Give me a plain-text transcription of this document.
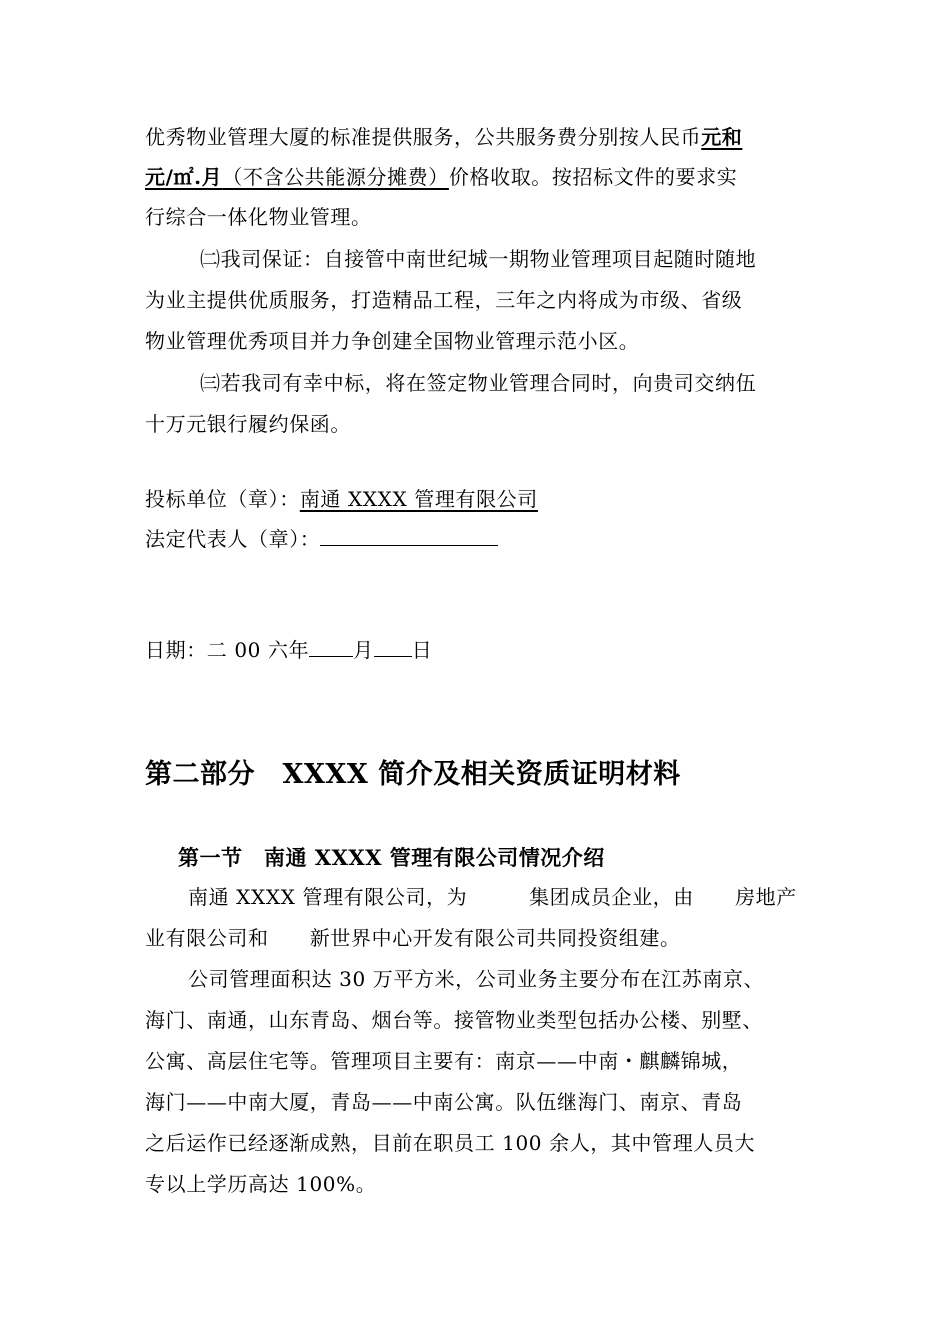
优秀物业管理大厦的标准提供服务，公共服务费分别按人民币元和
元/㎡.月（不含公共能源分摊费）价格收取。按招标文件的要求实
行综合一体化物业管理。
㈡我司保证：自接管中南世纪城一期物业管理项目起随时随地
为业主提供优质服务，打造精品工程，三年之内将成为市级、省级
物业管理优秀项目并力争创建全国物业管理示范小区。
㈢若我司有幸中标，将在签定物业管理合同时，向贵司交纳伍
十万元银行履约保函。
投标单位（章）：南通 XXXX 管理有限公司
法定代表人（章）：
日期：二 00 六年 月 日
第二部分　XXXX 简介及相关资质证明材料
第一节　南通 XXXX 管理有限公司情况介绍
南通 XXXX 管理有限公司，为　　　集团成员企业，由　　房地产
业有限公司和　　新世界中心开发有限公司共同投资组建。
公司管理面积达 30 万平方米，公司业务主要分布在江苏南京、
海门、南通，山东青岛、烟台等。接管物业类型包括办公楼、别墅、
公寓、高层住宅等。管理项目主要有：南京——中南・麒麟锦城，
海门——中南大厦，青岛——中南公寓。队伍继海门、南京、青岛
之后运作已经逐渐成熟，目前在职员工 100 余人，其中管理人员大
专以上学历高达 100%。
